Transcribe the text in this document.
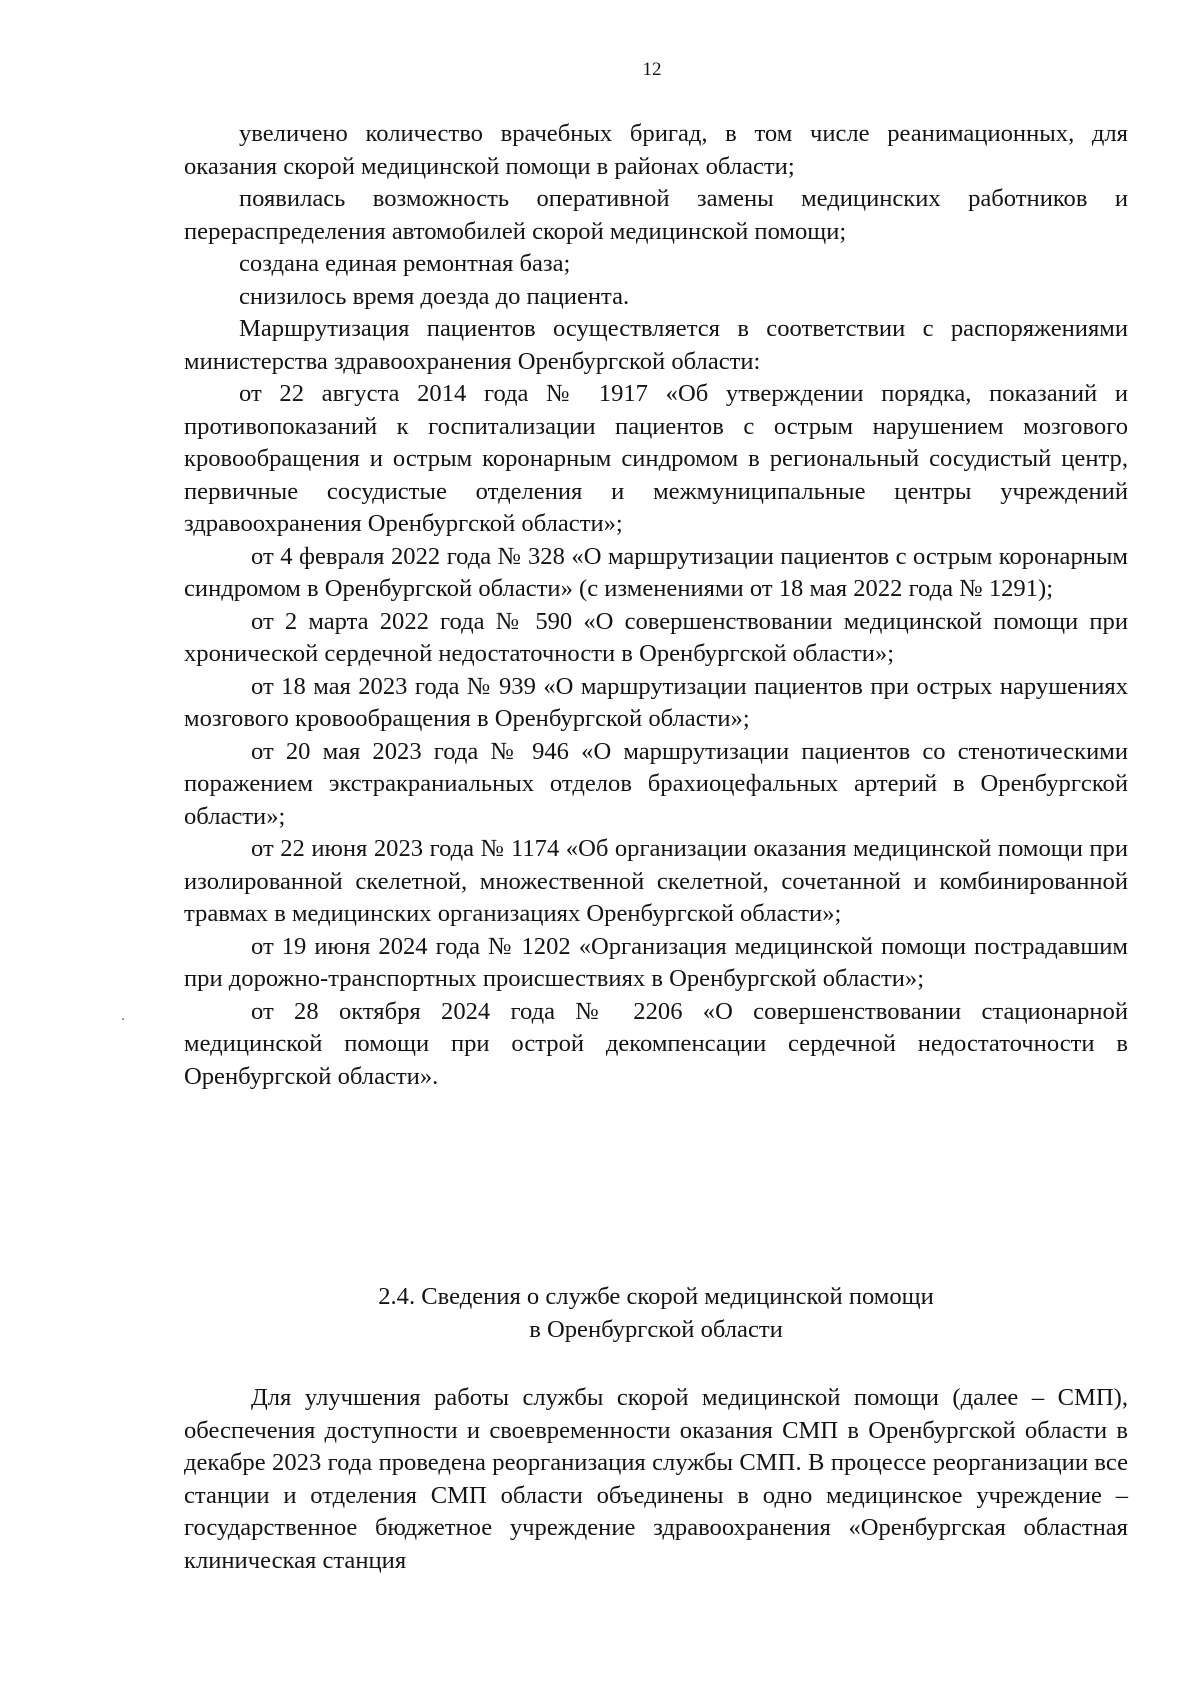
12

увеличено количество врачебных бригад, в том числе реанимационных, для оказания скорой медицинской помощи в районах области;

появилась возможность оперативной замены медицинских работников и перераспределения автомобилей скорой медицинской помощи;

создана единая ремонтная база;

снизилось время доезда до пациента.

Маршрутизация пациентов осуществляется в соответствии с распоряжениями министерства здравоохранения Оренбургской области:

от 22 августа 2014 года № 1917 «Об утверждении порядка, показаний и противопоказаний к госпитализации пациентов с острым нарушением мозгового кровообращения и острым коронарным синдромом в региональный сосудистый центр, первичные сосудистые отделения и межмуниципальные центры учреждений здравоохранения Оренбургской области»;

от 4 февраля 2022 года № 328 «О маршрутизации пациентов с острым коронарным синдромом в Оренбургской области» (с изменениями от 18 мая 2022 года № 1291);

от 2 марта 2022 года № 590 «О совершенствовании медицинской помощи при хронической сердечной недостаточности в Оренбургской области»;

от 18 мая 2023 года № 939 «О маршрутизации пациентов при острых нарушениях мозгового кровообращения в Оренбургской области»;

от 20 мая 2023 года № 946 «О маршрутизации пациентов со стенотическими поражением экстракраниальных отделов брахиоцефальных артерий в Оренбургской области»;

от 22 июня 2023 года № 1174 «Об организации оказания медицинской помощи при изолированной скелетной, множественной скелетной, сочетанной и комбинированной травмах в медицинских организациях Оренбургской области»;

от 19 июня 2024 года № 1202 «Организация медицинской помощи пострадавшим при дорожно-транспортных происшествиях в Оренбургской области»;

от 28 октября 2024 года № 2206 «О совершенствовании стационарной медицинской помощи при острой декомпенсации сердечной недостаточности в Оренбургской области».

2.4. Сведения о службе скорой медицинской помощи
в Оренбургской области

Для улучшения работы службы скорой медицинской помощи (далее – СМП), обеспечения доступности и своевременности оказания СМП в Оренбургской области в декабре 2023 года проведена реорганизация службы СМП. В процессе реорганизации все станции и отделения СМП области объединены в одно медицинское учреждение – государственное бюджетное учреждение здравоохранения «Оренбургская областная клиническая станция
